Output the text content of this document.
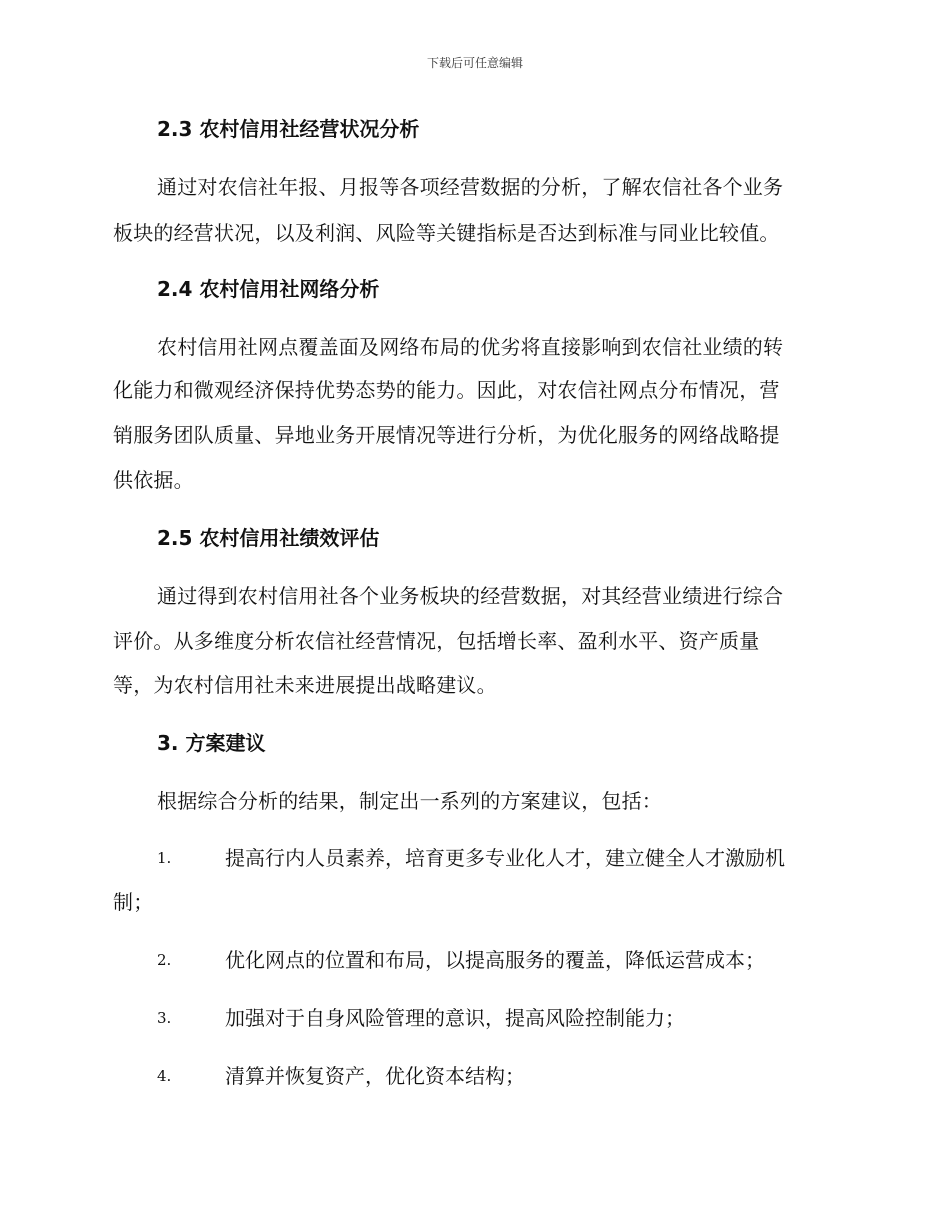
下载后可任意编辑
2.3 农村信用社经营状况分析
通过对农信社年报、月报等各项经营数据的分析，了解农信社各个业务
板块的经营状况，以及利润、风险等关键指标是否达到标准与同业比较值。
2.4 农村信用社网络分析
农村信用社网点覆盖面及网络布局的优劣将直接影响到农信社业绩的转
化能力和微观经济保持优势态势的能力。因此，对农信社网点分布情况，营
销服务团队质量、异地业务开展情况等进行分析，为优化服务的网络战略提
供依据。
2.5 农村信用社绩效评估
通过得到农村信用社各个业务板块的经营数据，对其经营业绩进行综合
评价。从多维度分析农信社经营情况，包括增长率、盈利水平、资产质量
等，为农村信用社未来进展提出战略建议。
3. 方案建议
根据综合分析的结果，制定出一系列的方案建议，包括：
1.	提高行内人员素养，培育更多专业化人才，建立健全人才激励机
制；
2.	优化网点的位置和布局，以提高服务的覆盖，降低运营成本；
3.	加强对于自身风险管理的意识，提高风险控制能力；
4.	清算并恢复资产，优化资本结构；
